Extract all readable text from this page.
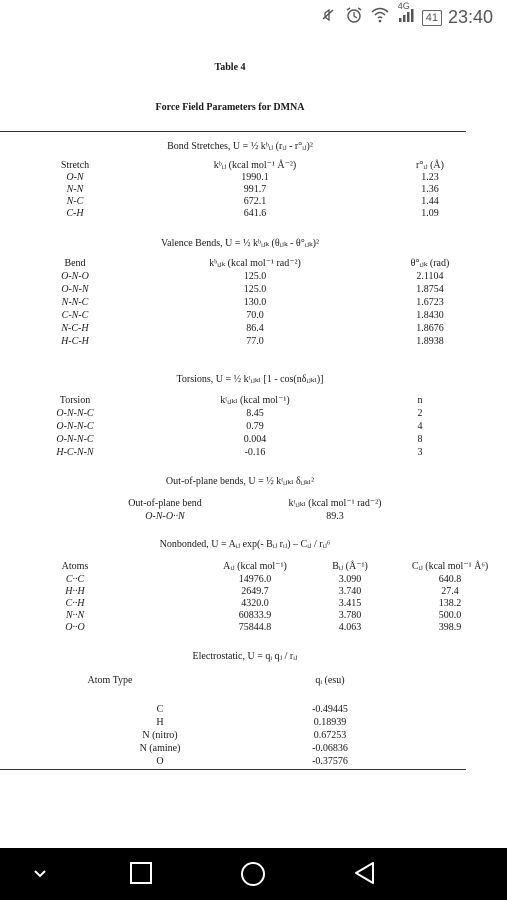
4G
41 23:40
Table 4
Force Field Parameters for DMNA
Bond Stretches, U = ½ kᵇᵢⱼ (rᵢⱼ - r°ᵢⱼ)²
Stretch	kᵇᵢⱼ (kcal mol⁻¹ Å⁻²)	r°ᵢⱼ (Å)
O-N	1990.1	1.23
N-N	991.7	1.36
N-C	672.1	1.44
C-H	641.6	1.09
Valence Bends, U = ½ kᵇᵢⱼₖ (θᵢⱼₖ - θ°ᵢⱼₖ)²
Bend	kᵇᵢⱼₖ (kcal mol⁻¹ rad⁻²)	θ°ᵢⱼₖ (rad)
O-N-O	125.0	2.1104
O-N-N	125.0	1.8754
N-N-C	130.0	1.6723
C-N-C	70.0	1.8430
N-C-H	86.4	1.8676
H-C-H	77.0	1.8938
Torsions, U = ½ kᵗᵢⱼₖₗ [1 - cos(nδᵢⱼₖₗ)]
Torsion	kᵗᵢⱼₖₗ (kcal mol⁻¹)	n
O-N-N-C	8.45	2
O-N-N-C	0.79	4
O-N-N-C	0.004	8
H-C-N-N	-0.16	3
Out-of-plane bends, U = ½ kᵗᵢⱼₖₗ δᵢⱼₖₗ²
Out-of-plane bend	kᵗᵢⱼₖₗ (kcal mol⁻¹ rad⁻²)
O-N-O··N	89.3
Nonbonded, U = Aᵢⱼ exp(- Bᵢⱼ rᵢⱼ) – Cᵢⱼ / rᵢⱼ⁶
Atoms	Aᵢⱼ (kcal mol⁻¹)	Bᵢⱼ (Å⁻¹)	Cᵢⱼ (kcal mol⁻¹ Å⁶)
C··C	14976.0	3.090	640.8
H··H	2649.7	3.740	27.4
C··H	4320.0	3.415	138.2
N··N	60833.9	3.780	500.0
O··O	75844.8	4.063	398.9
Electrostatic, U = qᵢ qⱼ / rᵢⱼ
Atom Type	qᵢ (esu)
C	-0.49445
H	0.18939
N (nitro)	0.67253
N (amine)	-0.06836
O	-0.37576
